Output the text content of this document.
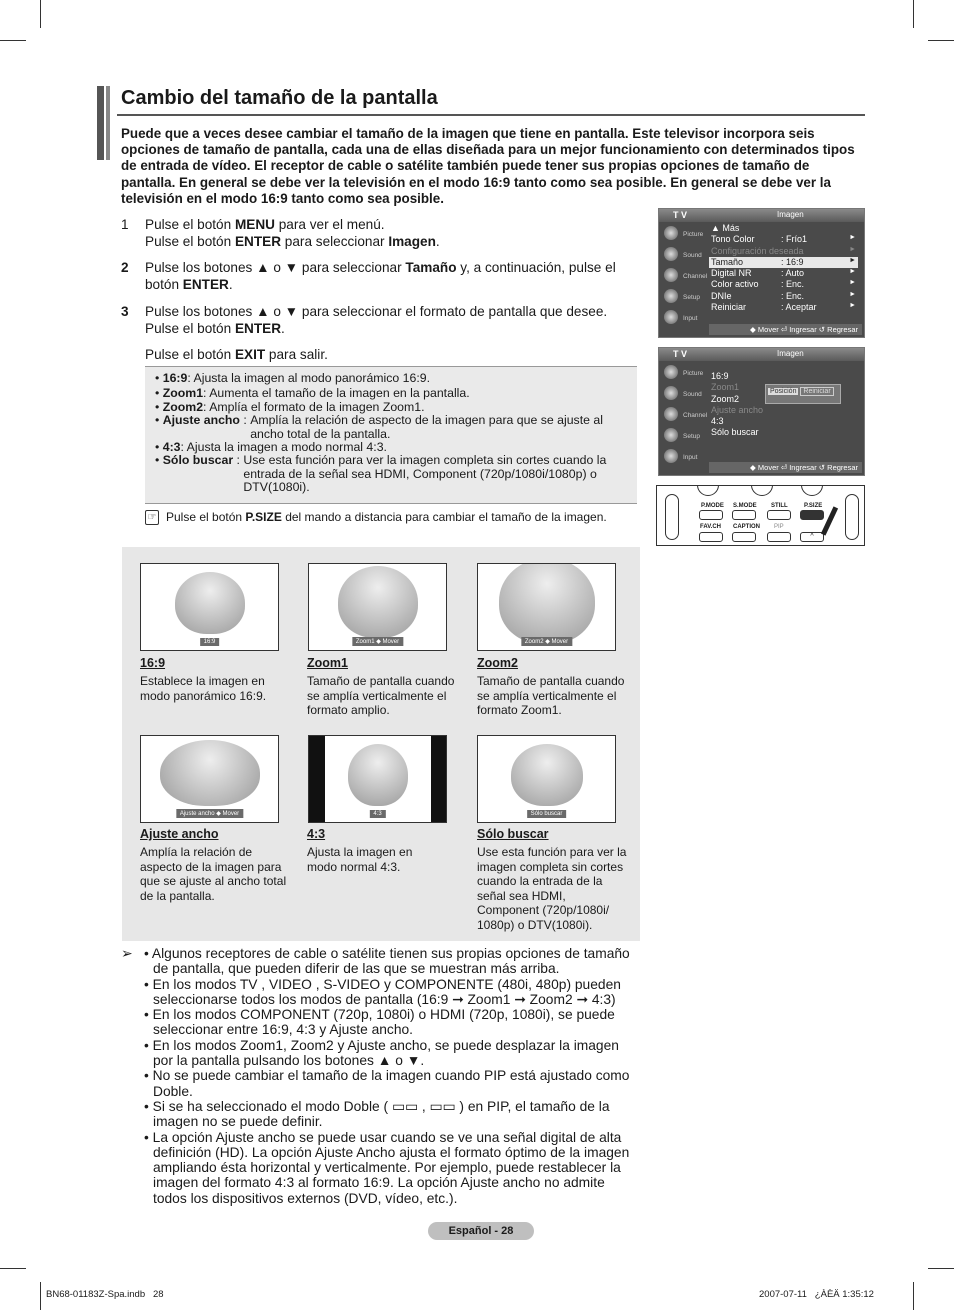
Cambio del tamaño de la pantalla
Puede que a veces desee cambiar el tamaño de la imagen que tiene en pantalla. Este televisor incorpora seis opciones de tamaño de pantalla, cada una de ellas diseñada para un mejor funcionamiento con determinados tipos de entrada de vídeo. El receptor de cable o satélite también puede tener sus propias opciones de tamaño de pantalla. En general se debe ver la televisión en el modo 16:9 tanto como sea posible. En general se debe ver la televisión en el modo 16:9 tanto como sea posible.
1 Pulse el botón MENU para ver el menú.
Pulse el botón ENTER para seleccionar Imagen.
2 Pulse los botones ▲ o ▼ para seleccionar Tamaño y, a continuación, pulse el botón ENTER.
3 Pulse los botones ▲ o ▼ para seleccionar el formato de pantalla que desee.
Pulse el botón ENTER.
Pulse el botón EXIT para salir.
• 16:9 : Ajusta la imagen al modo panorámico 16:9.
• Zoom1 : Aumenta el tamaño de la imagen en la pantalla.
• Zoom2 : Amplía el formato de la imagen Zoom1.
• Ajuste ancho : Amplía la relación de aspecto de la imagen para que se ajuste al ancho total de la pantalla.
• 4:3 : Ajusta la imagen a modo normal 4:3.
• Sólo buscar : Use esta función para ver la imagen completa sin cortes cuando la entrada de la señal sea HDMI, Component (720p/1080i/1080p) o DTV(1080i).
☞ Pulse el botón P.SIZE del mando a distancia para cambiar el tamaño de la imagen.
T V	Imagen
Picture
Sound
Channel
Setup
Input
▲ Más
Tono Color	: Frío1	►
Configuración deseada	►
Tamaño	: 16:9	►
Digital NR	: Auto	►
Color activo : Enc.	►
DNIe	: Enc.	►
Reiniciar	: Aceptar	►
◆ Mover ⏎ Ingresar ↺ Regresar
T V	Imagen
Picture
Sound
Channel
Setup
Input
16:9
Zoom1
Zoom2
Ajuste ancho
4:3
Sólo buscar
Posición Reiniciar
◆ Mover ⏎ Ingresar ↺ Regresar
P.MODE S.MODE STILL	P.SIZE
FAV.CH CAPTION PIP
^
16:9	Zoom1 ◆ Mover	Zoom2 ◆ Mover
16:9	Zoom1	Zoom2
Establece la imagen en modo panorámico 16:9.
Tamaño de pantalla cuando se amplía verticalmente el formato amplio.
Tamaño de pantalla cuando se amplía verticalmente el formato Zoom1.
Ajuste ancho ◆ Mover	4:3	Sólo buscar
Ajuste ancho	4:3	Sólo buscar
Amplía la relación de aspecto de la imagen para que se ajuste al ancho total de la pantalla.
Ajusta la imagen en modo normal 4:3.
Use esta función para ver la imagen completa sin cortes cuando la entrada de la señal sea HDMI, Component (720p/1080i/ 1080p) o DTV(1080i).
➢ • Algunos receptores de cable o satélite tienen sus propias opciones de tamaño de pantalla, que pueden diferir de las que se muestran más arriba.
• En los modos TV , VIDEO , S-VIDEO y COMPONENTE (480i, 480p) pueden seleccionarse todos los modos de pantalla (16:9 ➞ Zoom1 ➞ Zoom2 ➞ 4:3)
• En los modos COMPONENT (720p, 1080i) o HDMI (720p, 1080i), se puede seleccionar entre 16:9, 4:3 y Ajuste ancho.
• En los modos Zoom1, Zoom2 y Ajuste ancho, se puede desplazar la imagen por la pantalla pulsando los botones ▲ o ▼.
• No se puede cambiar el tamaño de la imagen cuando PIP está ajustado como Doble.
• Si se ha seleccionado el modo Doble ( ▭▭ , ▭▭ ) en PIP, el tamaño de la imagen no se puede definir.
• La opción Ajuste ancho se puede usar cuando se ve una señal digital de alta definición (HD). La opción Ajuste Ancho ajusta el formato óptimo de la imagen ampliando ésta horizontal y verticalmente. Por ejemplo, puede restablecer la imagen del formato 4:3 al formato 16:9. La opción Ajuste ancho no admite todos los dispositivos externos (DVD, vídeo, etc.).
Español - 28
BN68-01183Z-Spa.indb   28	2007-07-11   ¿ÀÈÄ 1:35:12
